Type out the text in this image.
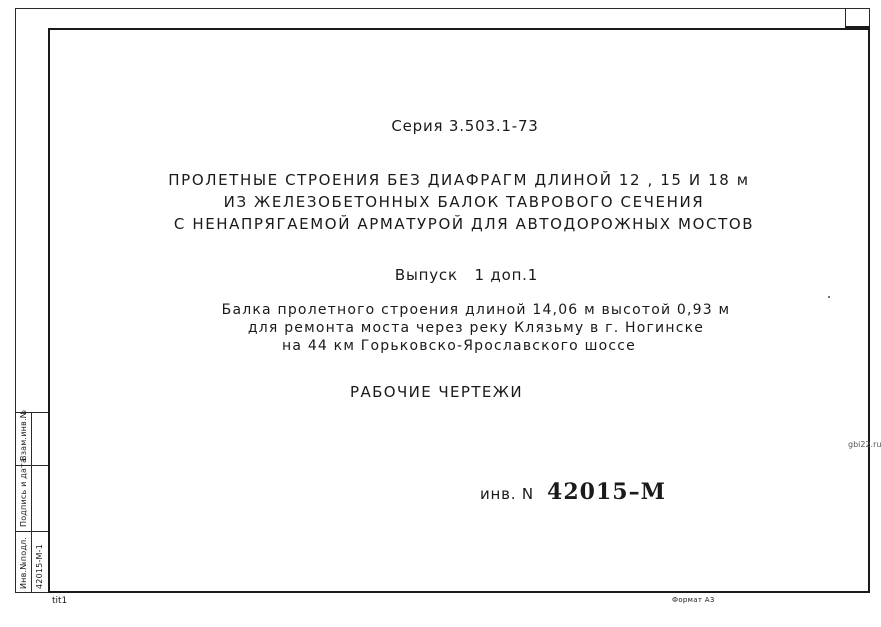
Серия 3.503.1-73
ПРОЛЕТНЫЕ СТРОЕНИЯ БЕЗ ДИАФРАГМ ДЛИНОЙ 12 , 15 И 18 м
ИЗ ЖЕЛЕЗОБЕТОННЫХ БАЛОК ТАВРОВОГО СЕЧЕНИЯ
С НЕНАПРЯГАЕМОЙ АРМАТУРОЙ ДЛЯ АВТОДОРОЖНЫХ МОСТОВ
Выпуск   1 доп.1
Балка пролетного строения длиной 14,06 м высотой 0,93 м
для ремонта моста через реку Клязьму в г. Ногинске
на 44 км Горьковско-Ярославского шоссе
РАБОЧИЕ ЧЕРТЕЖИ
инв. N 42015–М
Взам.инв.№
Подпись и дата
Инв.№подл. 42015-М-1
tit1	Формат А3
gbi22.ru
